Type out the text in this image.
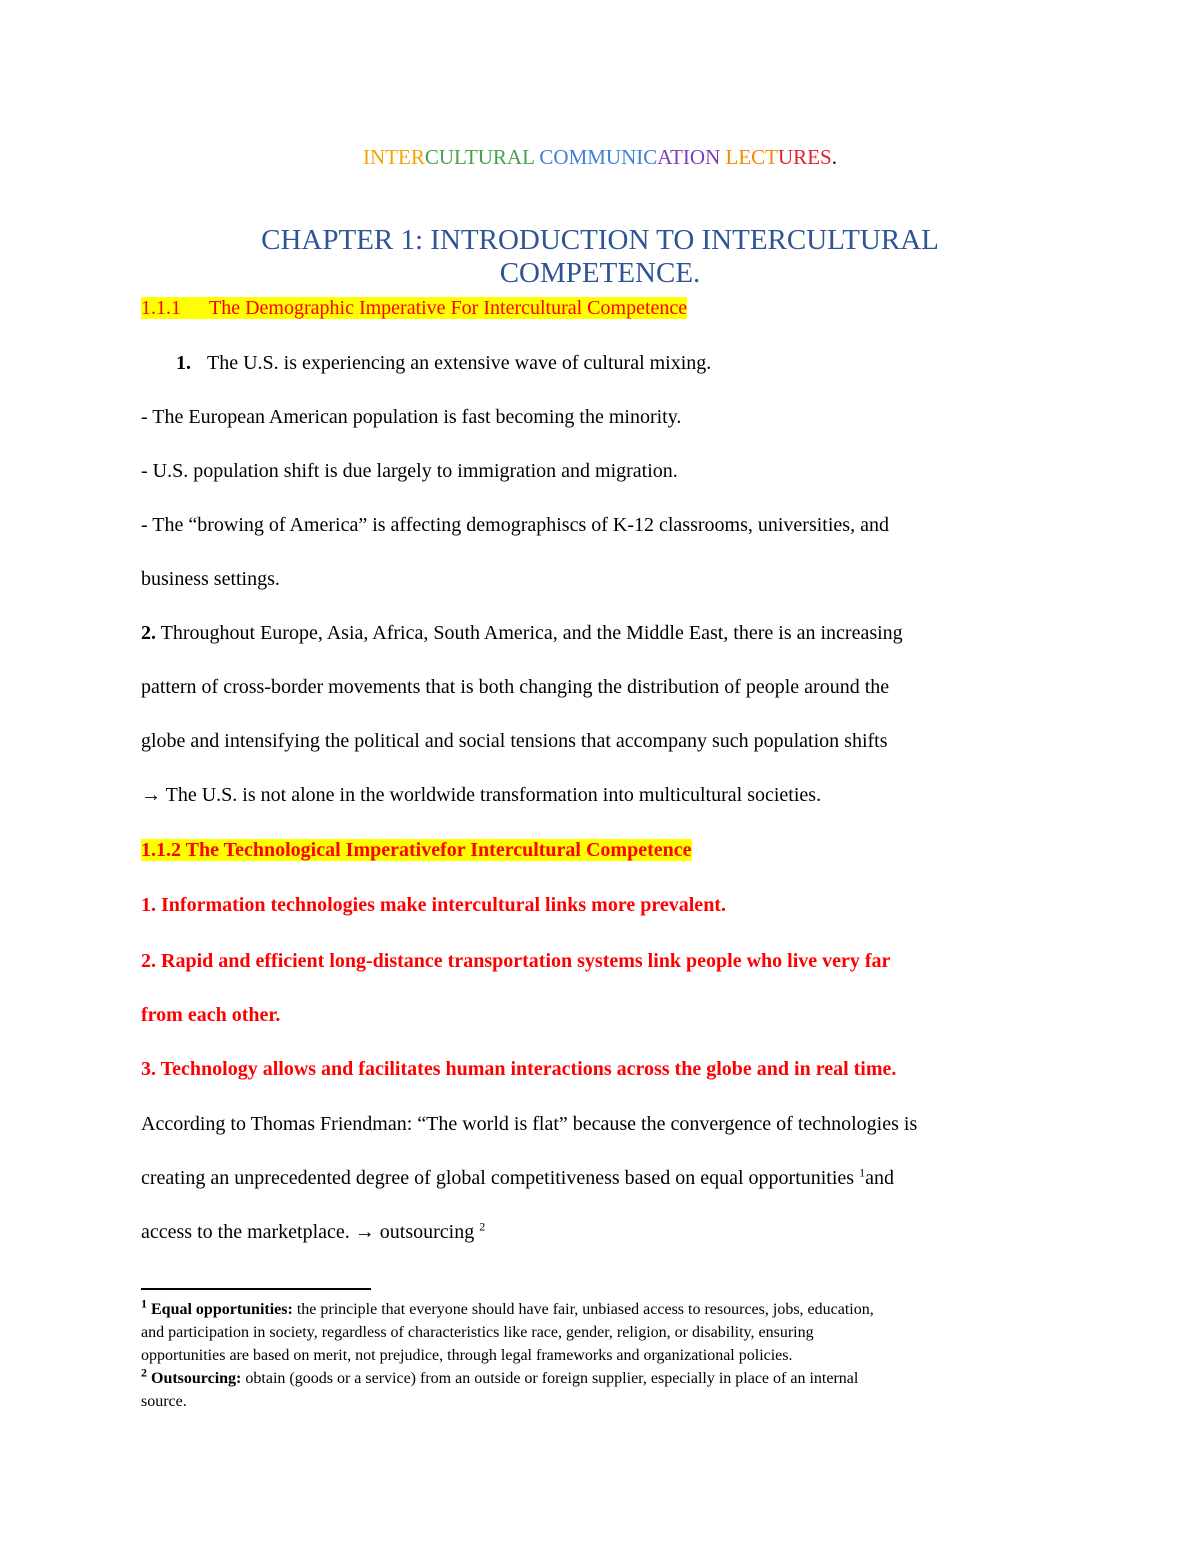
INTERCULTURAL COMMUNICATION LECTURES.
CHAPTER 1: INTRODUCTION TO INTERCULTURAL
COMPETENCE.
1.1.1 The Demographic Imperative For Intercultural Competence
1. The U.S. is experiencing an extensive wave of cultural mixing.
- The European American population is fast becoming the minority.
- U.S. population shift is due largely to immigration and migration.
- The “browing of America” is affecting demographiscs of K-12 classrooms, universities, and
business settings.
2. Throughout Europe, Asia, Africa, South America, and the Middle East, there is an increasing
pattern of cross-border movements that is both changing the distribution of people around the
globe and intensifying the political and social tensions that accompany such population shifts
→ The U.S. is not alone in the worldwide transformation into multicultural societies.
1.1.2 The Technological Imperativefor Intercultural Competence
1. Information technologies make intercultural links more prevalent.
2. Rapid and efficient long-distance transportation systems link people who live very far
from each other.
3. Technology allows and facilitates human interactions across the globe and in real time.
According to Thomas Friendman: “The world is flat” because the convergence of technologies is
creating an unprecedented degree of global competitiveness based on equal opportunities $^1$and
access to the marketplace. → outsourcing $^2$
$^1$ Equal opportunities: the principle that everyone should have fair, unbiased access to resources, jobs, education,
and participation in society, regardless of characteristics like race, gender, religion, or disability, ensuring
opportunities are based on merit, not prejudice, through legal frameworks and organizational policies.
$^2$ Outsourcing: obtain (goods or a service) from an outside or foreign supplier, especially in place of an internal
source.
